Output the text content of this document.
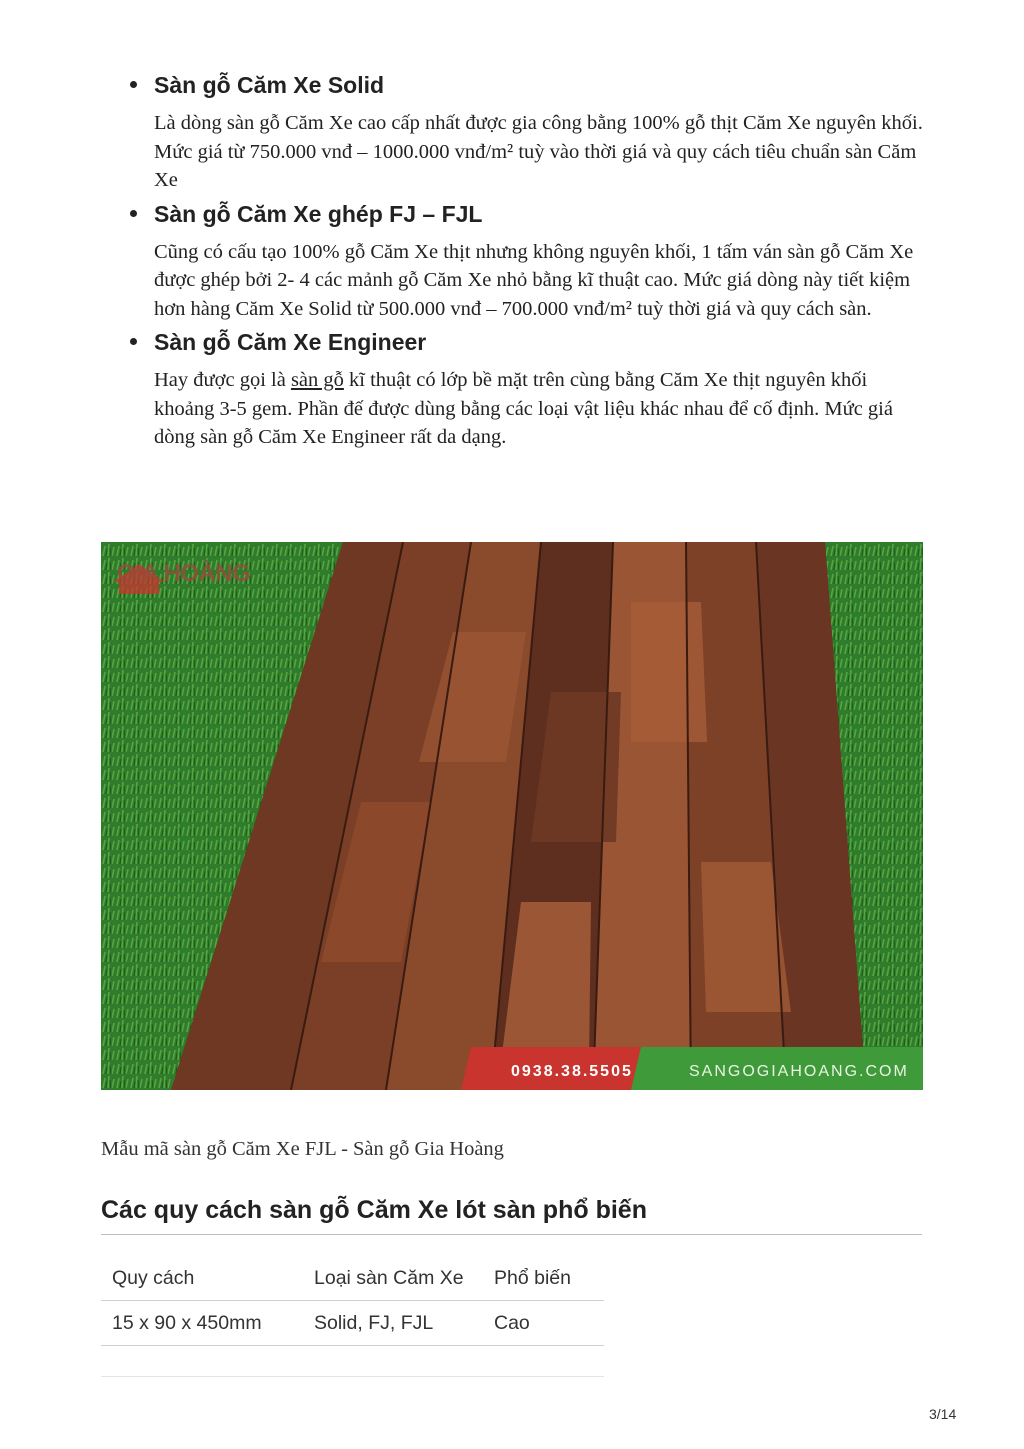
Sàn gỗ Căm Xe Solid

Là dòng sàn gỗ Căm Xe cao cấp nhất được gia công bằng 100% gỗ thịt Căm Xe nguyên khối. Mức giá từ 750.000 vnđ – 1000.000 vnđ/m² tuỳ vào thời giá và quy cách tiêu chuẩn sàn Căm Xe

Sàn gỗ Căm Xe ghép FJ – FJL

Cũng có cấu tạo 100% gỗ Căm Xe thịt nhưng không nguyên khối, 1 tấm ván sàn gỗ Căm Xe được ghép bởi 2- 4 các mảnh gỗ Căm Xe nhỏ bằng kĩ thuật cao. Mức giá dòng này tiết kiệm hơn hàng Căm Xe Solid từ 500.000 vnđ – 700.000 vnđ/m² tuỳ thời giá và quy cách sàn.

Sàn gỗ Căm Xe Engineer

Hay được gọi là sàn gỗ kĩ thuật có lớp bề mặt trên cùng bằng Căm Xe thịt nguyên khối khoảng 3-5 gem. Phần đế được dùng bằng các loại vật liệu khác nhau để cố định. Mức giá dòng sàn gỗ Căm Xe Engineer rất da dạng.

GIA HOÀNG
0938.38.5505	SANGOGIAHOANG.COM
Mẫu mã sàn gỗ Căm Xe FJL - Sàn gỗ Gia Hoàng
Các quy cách sàn gỗ Căm Xe lót sàn phổ biến
Quy cách	Loại sàn Căm Xe	Phổ biến
15 x 90 x 450mm	Solid, FJ, FJL	Cao
3/14
